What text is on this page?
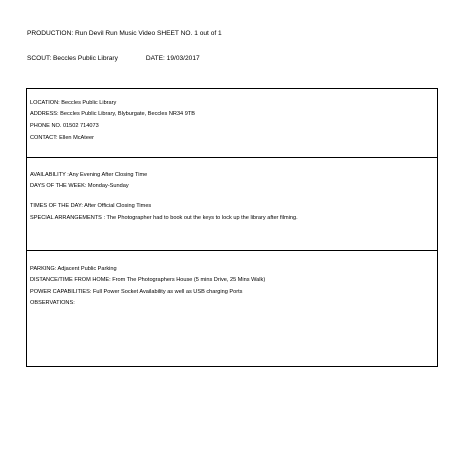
PRODUCTION: Run Devil Run Music Video SHEET NO. 1 out of 1
SCOUT: Beccles Public Library	DATE: 19/03/2017
LOCATION: Beccles Public Library
ADDRESS: Beccles Public Library, Blyburgate, Beccles NR34 9TB
PHONE NO. 01502 714073
CONTACT: Ellen McAteer
AVAILABILITY :Any Evening After Closing Time
DAYS OF THE WEEK: Monday-Sunday
TIMES OF THE DAY: After Official Closing Times
SPECIAL ARRANGEMENTS : The Photographer had to book out the keys to lock up the library after filming.
PARKING: Adjacent Public Parking
DISTANCE/TIME FROM HOME: From The Photographers House (5 mins Drive, 25 Mins Walk)
POWER CAPABILITIES: Full Power Socket Availability as well as USB charging Ports
OBSERVATIONS:
